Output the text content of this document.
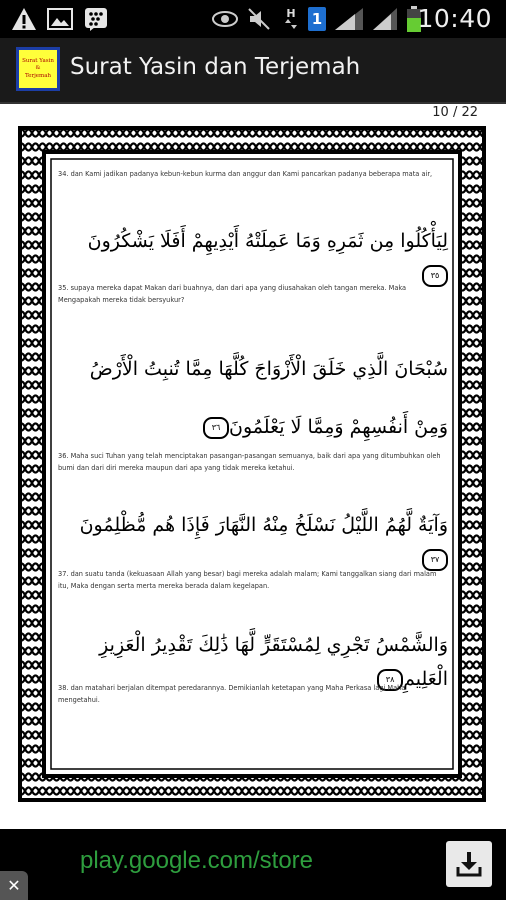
H 1	10:40
Surat Yasin
&
Terjemah Surat Yasin dan Terjemah
10 / 22
34. dan Kami jadikan padanya kebun-kebun kurma dan anggur dan Kami pancarkan padanya beberapa mata air,
لِيَأْكُلُوا مِن ثَمَرِهِ وَمَا عَمِلَتْهُ أَيْدِيهِمْ أَفَلَا يَشْكُرُونَ٣٥
35. supaya mereka dapat Makan dari buahnya, dan dari apa yang diusahakan oleh tangan mereka. Maka Mengapakah mereka tidak bersyukur?
سُبْحَانَ الَّذِي خَلَقَ الْأَزْوَاجَ كُلَّهَا مِمَّا تُنبِتُ الْأَرْضُ وَمِنْ أَنفُسِهِمْ وَمِمَّا لَا يَعْلَمُونَ٣٦
36. Maha suci Tuhan yang telah menciptakan pasangan-pasangan semuanya, baik dari apa yang ditumbuhkan oleh bumi dan dari diri mereka maupun dari apa yang tidak mereka ketahui.
وَآيَةٌ لَّهُمُ اللَّيْلُ نَسْلَخُ مِنْهُ النَّهَارَ فَإِذَا هُم مُّظْلِمُونَ٣٧
37. dan suatu tanda (kekuasaan Allah yang besar) bagi mereka adalah malam; Kami tanggalkan siang dari malam itu, Maka dengan serta merta mereka berada dalam kegelapan.
وَالشَّمْسُ تَجْرِي لِمُسْتَقَرٍّ لَّهَا ذَٰلِكَ تَقْدِيرُ الْعَزِيزِ الْعَلِيمِ٣٨
38. dan matahari berjalan ditempat peredarannya. Demikianlah ketetapan yang Maha Perkasa lagi Maha mengetahui.
play.google.com/store
✕
